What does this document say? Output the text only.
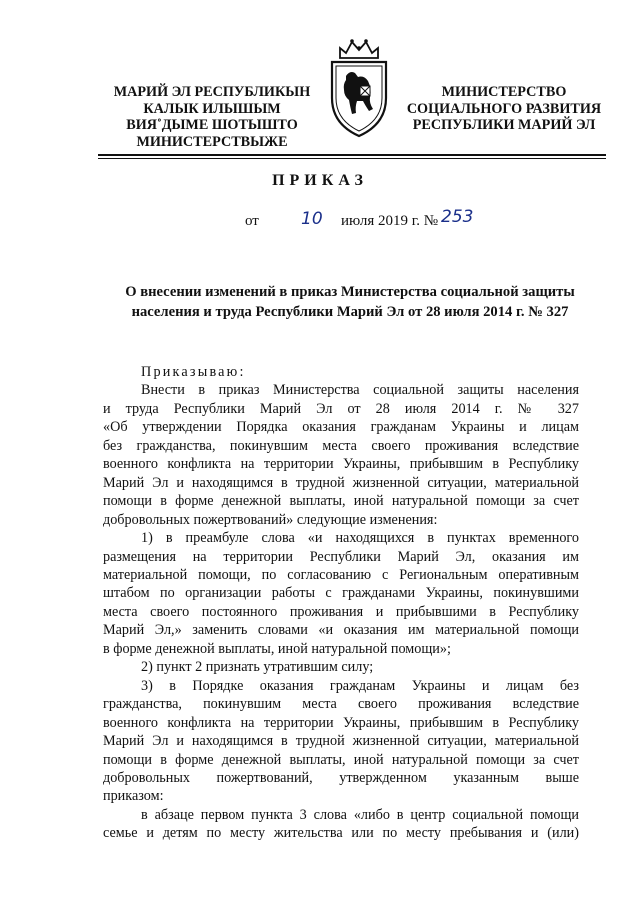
МАРИЙ ЭЛ РЕСПУБЛИКЫН
КАЛЫК ИЛЫШЫМ
ВИЯ˚ДЫМЕ ШОТЫШТО
МИНИСТЕРСТВЫЖЕ
МИНИСТЕРСТВО
СОЦИАЛЬНОГО РАЗВИТИЯ
РЕСПУБЛИКИ МАРИЙ ЭЛ
ПРИКАЗ
от 10 июля 2019 г. № 253
О внесении изменений в приказ Министерства социальной защиты
населения и труда Республики Марий Эл от 28 июля 2014 г. № 327
Приказываю:
Внести в приказ Министерства социальной защиты населения
и труда Республики Марий Эл от 28 июля 2014 г. № 327
«Об утверждении Порядка оказания гражданам Украины и лицам
без гражданства, покинувшим места своего проживания вследствие
военного конфликта на территории Украины, прибывшим в Республику
Марий Эл и находящимся в трудной жизненной ситуации, материальной
помощи в форме денежной выплаты, иной натуральной помощи за счет
добровольных пожертвований» следующие изменения:
1) в преамбуле слова «и находящихся в пунктах временного
размещения на территории Республики Марий Эл, оказания им
материальной помощи, по согласованию с Региональным оперативным
штабом по организации работы с гражданами Украины, покинувшими
места своего постоянного проживания и прибывшими в Республику
Марий Эл,» заменить словами «и оказания им материальной помощи
в форме денежной выплаты, иной натуральной помощи»;
2) пункт 2 признать утратившим силу;
3) в Порядке оказания гражданам Украины и лицам без
гражданства, покинувшим места своего проживания вследствие
военного конфликта на территории Украины, прибывшим в Республику
Марий Эл и находящимся в трудной жизненной ситуации, материальной
помощи в форме денежной выплаты, иной натуральной помощи за счет
добровольных пожертвований, утвержденном указанным выше
приказом:
в абзаце первом пункта 3 слова «либо в центр социальной помощи
семье и детям по месту жительства или по месту пребывания и (или)
